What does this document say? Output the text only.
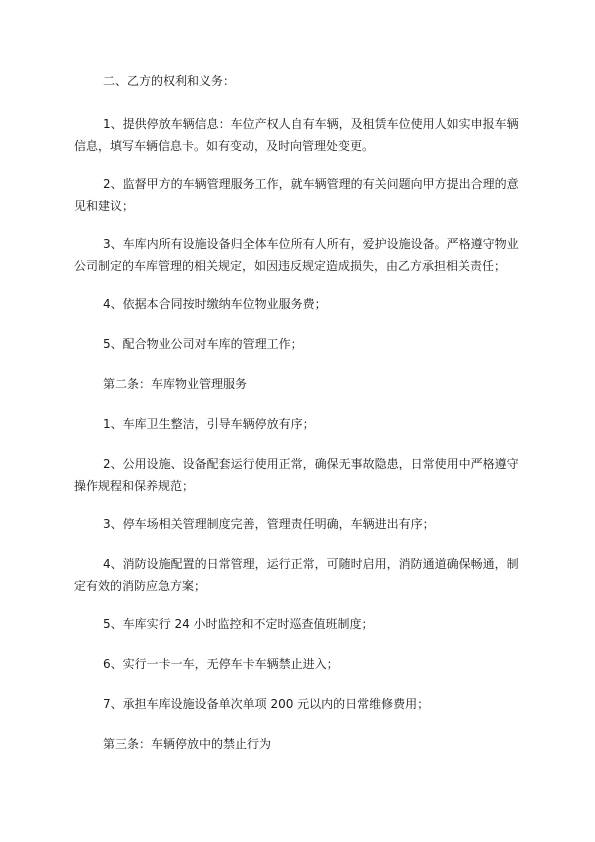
二、乙方的权利和义务：

1、提供停放车辆信息：车位产权人自有车辆，及租赁车位使用人如实申报车辆
信息，填写车辆信息卡。如有变动，及时向管理处变更。

2、监督甲方的车辆管理服务工作，就车辆管理的有关问题向甲方提出合理的意
见和建议；

3、车库内所有设施设备归全体车位所有人所有，爱护设施设备。严格遵守物业
公司制定的车库管理的相关规定，如因违反规定造成损失，由乙方承担相关责任；

4、依据本合同按时缴纳车位物业服务费；

5、配合物业公司对车库的管理工作；

第二条：车库物业管理服务

1、车库卫生整洁，引导车辆停放有序；

2、公用设施、设备配套运行使用正常，确保无事故隐患，日常使用中严格遵守
操作规程和保养规范；

3、停车场相关管理制度完善，管理责任明确，车辆进出有序；

4、消防设施配置的日常管理，运行正常，可随时启用，消防通道确保畅通，制
定有效的消防应急方案；

5、车库实行 24 小时监控和不定时巡查值班制度；

6、实行一卡一车，无停车卡车辆禁止进入；

7、承担车库设施设备单次单项 200 元以内的日常维修费用；

第三条：车辆停放中的禁止行为
